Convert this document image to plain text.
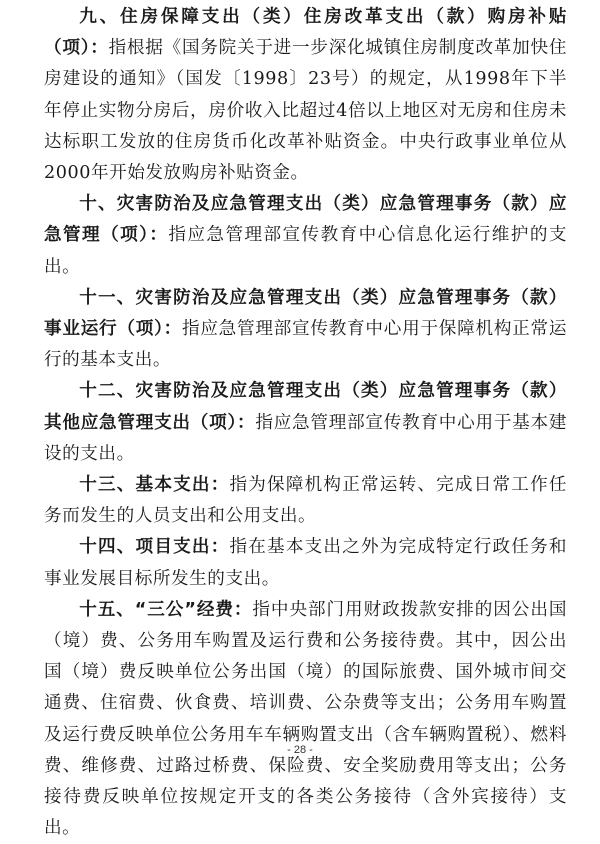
九、住房保障支出（类）住房改革支出（款）购房补贴（项）：指根据《国务院关于进一步深化城镇住房制度改革加快住房建设的通知》（国发〔1998〕23号）的规定，从1998年下半年停止实物分房后，房价收入比超过4倍以上地区对无房和住房未达标职工发放的住房货币化改革补贴资金。中央行政事业单位从2000年开始发放购房补贴资金。

十、灾害防治及应急管理支出（类）应急管理事务（款）应急管理（项）：指应急管理部宣传教育中心信息化运行维护的支出。

十一、灾害防治及应急管理支出（类）应急管理事务（款）事业运行（项）：指应急管理部宣传教育中心用于保障机构正常运行的基本支出。

十二、灾害防治及应急管理支出（类）应急管理事务（款）其他应急管理支出（项）：指应急管理部宣传教育中心用于基本建设的支出。

十三、基本支出：指为保障机构正常运转、完成日常工作任务而发生的人员支出和公用支出。

十四、项目支出：指在基本支出之外为完成特定行政任务和事业发展目标所发生的支出。

十五、“三公”经费：指中央部门用财政拨款安排的因公出国（境）费、公务用车购置及运行费和公务接待费。其中，因公出国（境）费反映单位公务出国（境）的国际旅费、国外城市间交通费、住宿费、伙食费、培训费、公杂费等支出；公务用车购置及运行费反映单位公务用车车辆购置支出（含车辆购置税）、燃料费、维修费、过路过桥费、保险费、安全奖励费用等支出；公务接待费反映单位按规定开支的各类公务接待（含外宾接待）支出。

- 28 -
